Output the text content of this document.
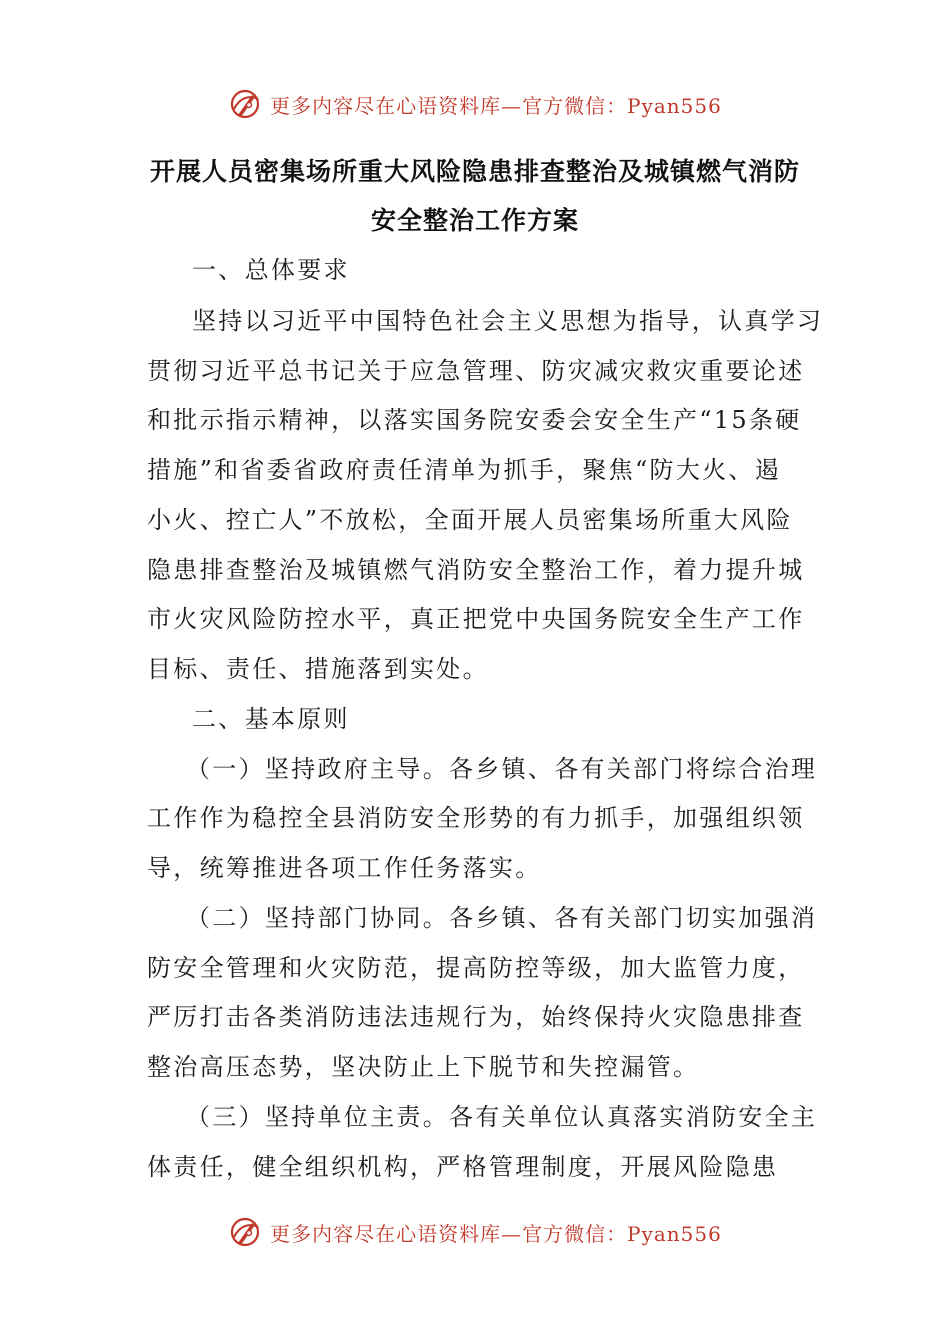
更多内容尽在心语资料库—官方微信：Pyan556
开展人员密集场所重大风险隐患排查整治及城镇燃气消防
安全整治工作方案
一、总体要求
坚持以习近平中国特色社会主义思想为指导，认真学习
贯彻习近平总书记关于应急管理、防灾减灾救灾重要论述
和批示指示精神，以落实国务院安委会安全生产“15条硬
措施”和省委省政府责任清单为抓手，聚焦“防大火、遏
小火、控亡人”不放松，全面开展人员密集场所重大风险
隐患排查整治及城镇燃气消防安全整治工作，着力提升城
市火灾风险防控水平，真正把党中央国务院安全生产工作
目标、责任、措施落到实处。
二、基本原则
（一）坚持政府主导。各乡镇、各有关部门将综合治理
工作作为稳控全县消防安全形势的有力抓手，加强组织领
导，统筹推进各项工作任务落实。
（二）坚持部门协同。各乡镇、各有关部门切实加强消
防安全管理和火灾防范，提高防控等级，加大监管力度，
严厉打击各类消防违法违规行为，始终保持火灾隐患排查
整治高压态势，坚决防止上下脱节和失控漏管。
（三）坚持单位主责。各有关单位认真落实消防安全主
体责任，健全组织机构，严格管理制度，开展风险隐患
更多内容尽在心语资料库—官方微信：Pyan556
